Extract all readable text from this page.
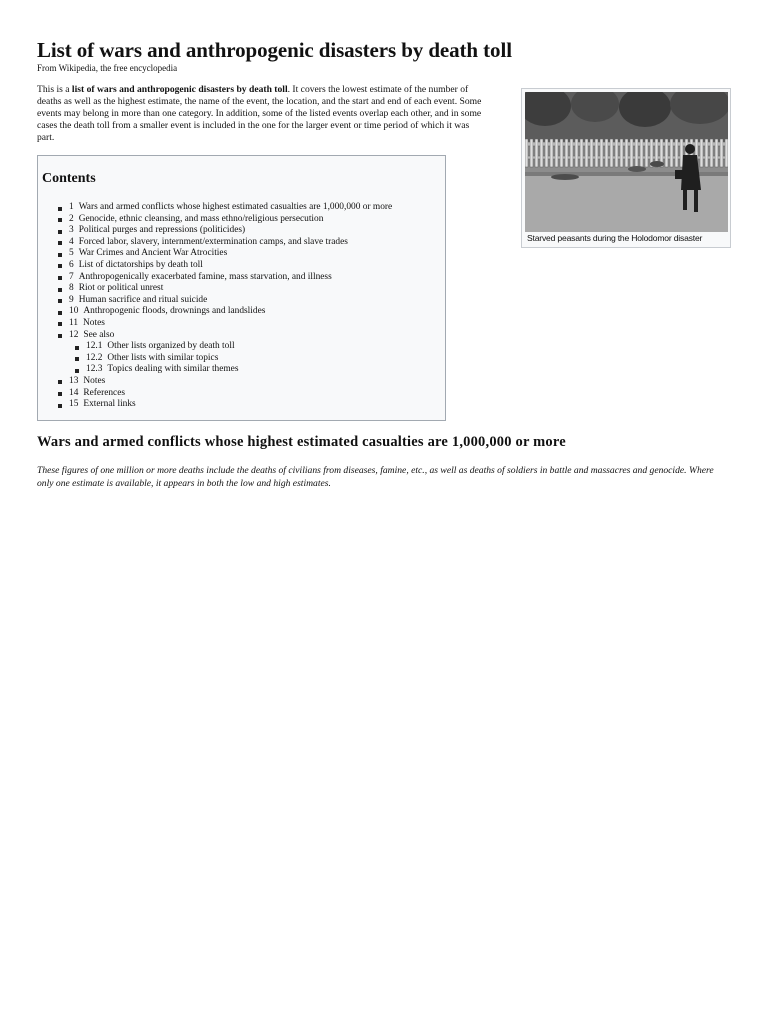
List of wars and anthropogenic disasters by death toll
From Wikipedia, the free encyclopedia

This is a list of wars and anthropogenic disasters by death toll. It covers the lowest estimate of the number of deaths as well as the highest estimate, the name of the event, the location, and the start and end of each event. Some events may belong in more than one category. In addition, some of the listed events overlap each other, and in some cases the death toll from a smaller event is included in the one for the larger event or time period of which it was part.

Starved peasants during the Holodomor disaster
Contents
1 Wars and armed conflicts whose highest estimated casualties are 1,000,000 or more
2 Genocide, ethnic cleansing, and mass ethno/religious persecution
3 Political purges and repressions (politicides)
4 Forced labor, slavery, internment/extermination camps, and slave trades
5 War Crimes and Ancient War Atrocities
6 List of dictatorships by death toll
7 Anthropogenically exacerbated famine, mass starvation, and illness
8 Riot or political unrest
9 Human sacrifice and ritual suicide
10 Anthropogenic floods, drownings and landslides
11 Notes
12 See also
12.1 Other lists organized by death toll
12.2 Other lists with similar topics
12.3 Topics dealing with similar themes
13 Notes
14 References
15 External links
Wars and armed conflicts whose highest estimated casualties are 1,000,000 or more

These figures of one million or more deaths include the deaths of civilians from diseases, famine, etc., as well as deaths of soldiers in battle and massacres and genocide. Where only one estimate is available, it appears in both the low and high estimates.
